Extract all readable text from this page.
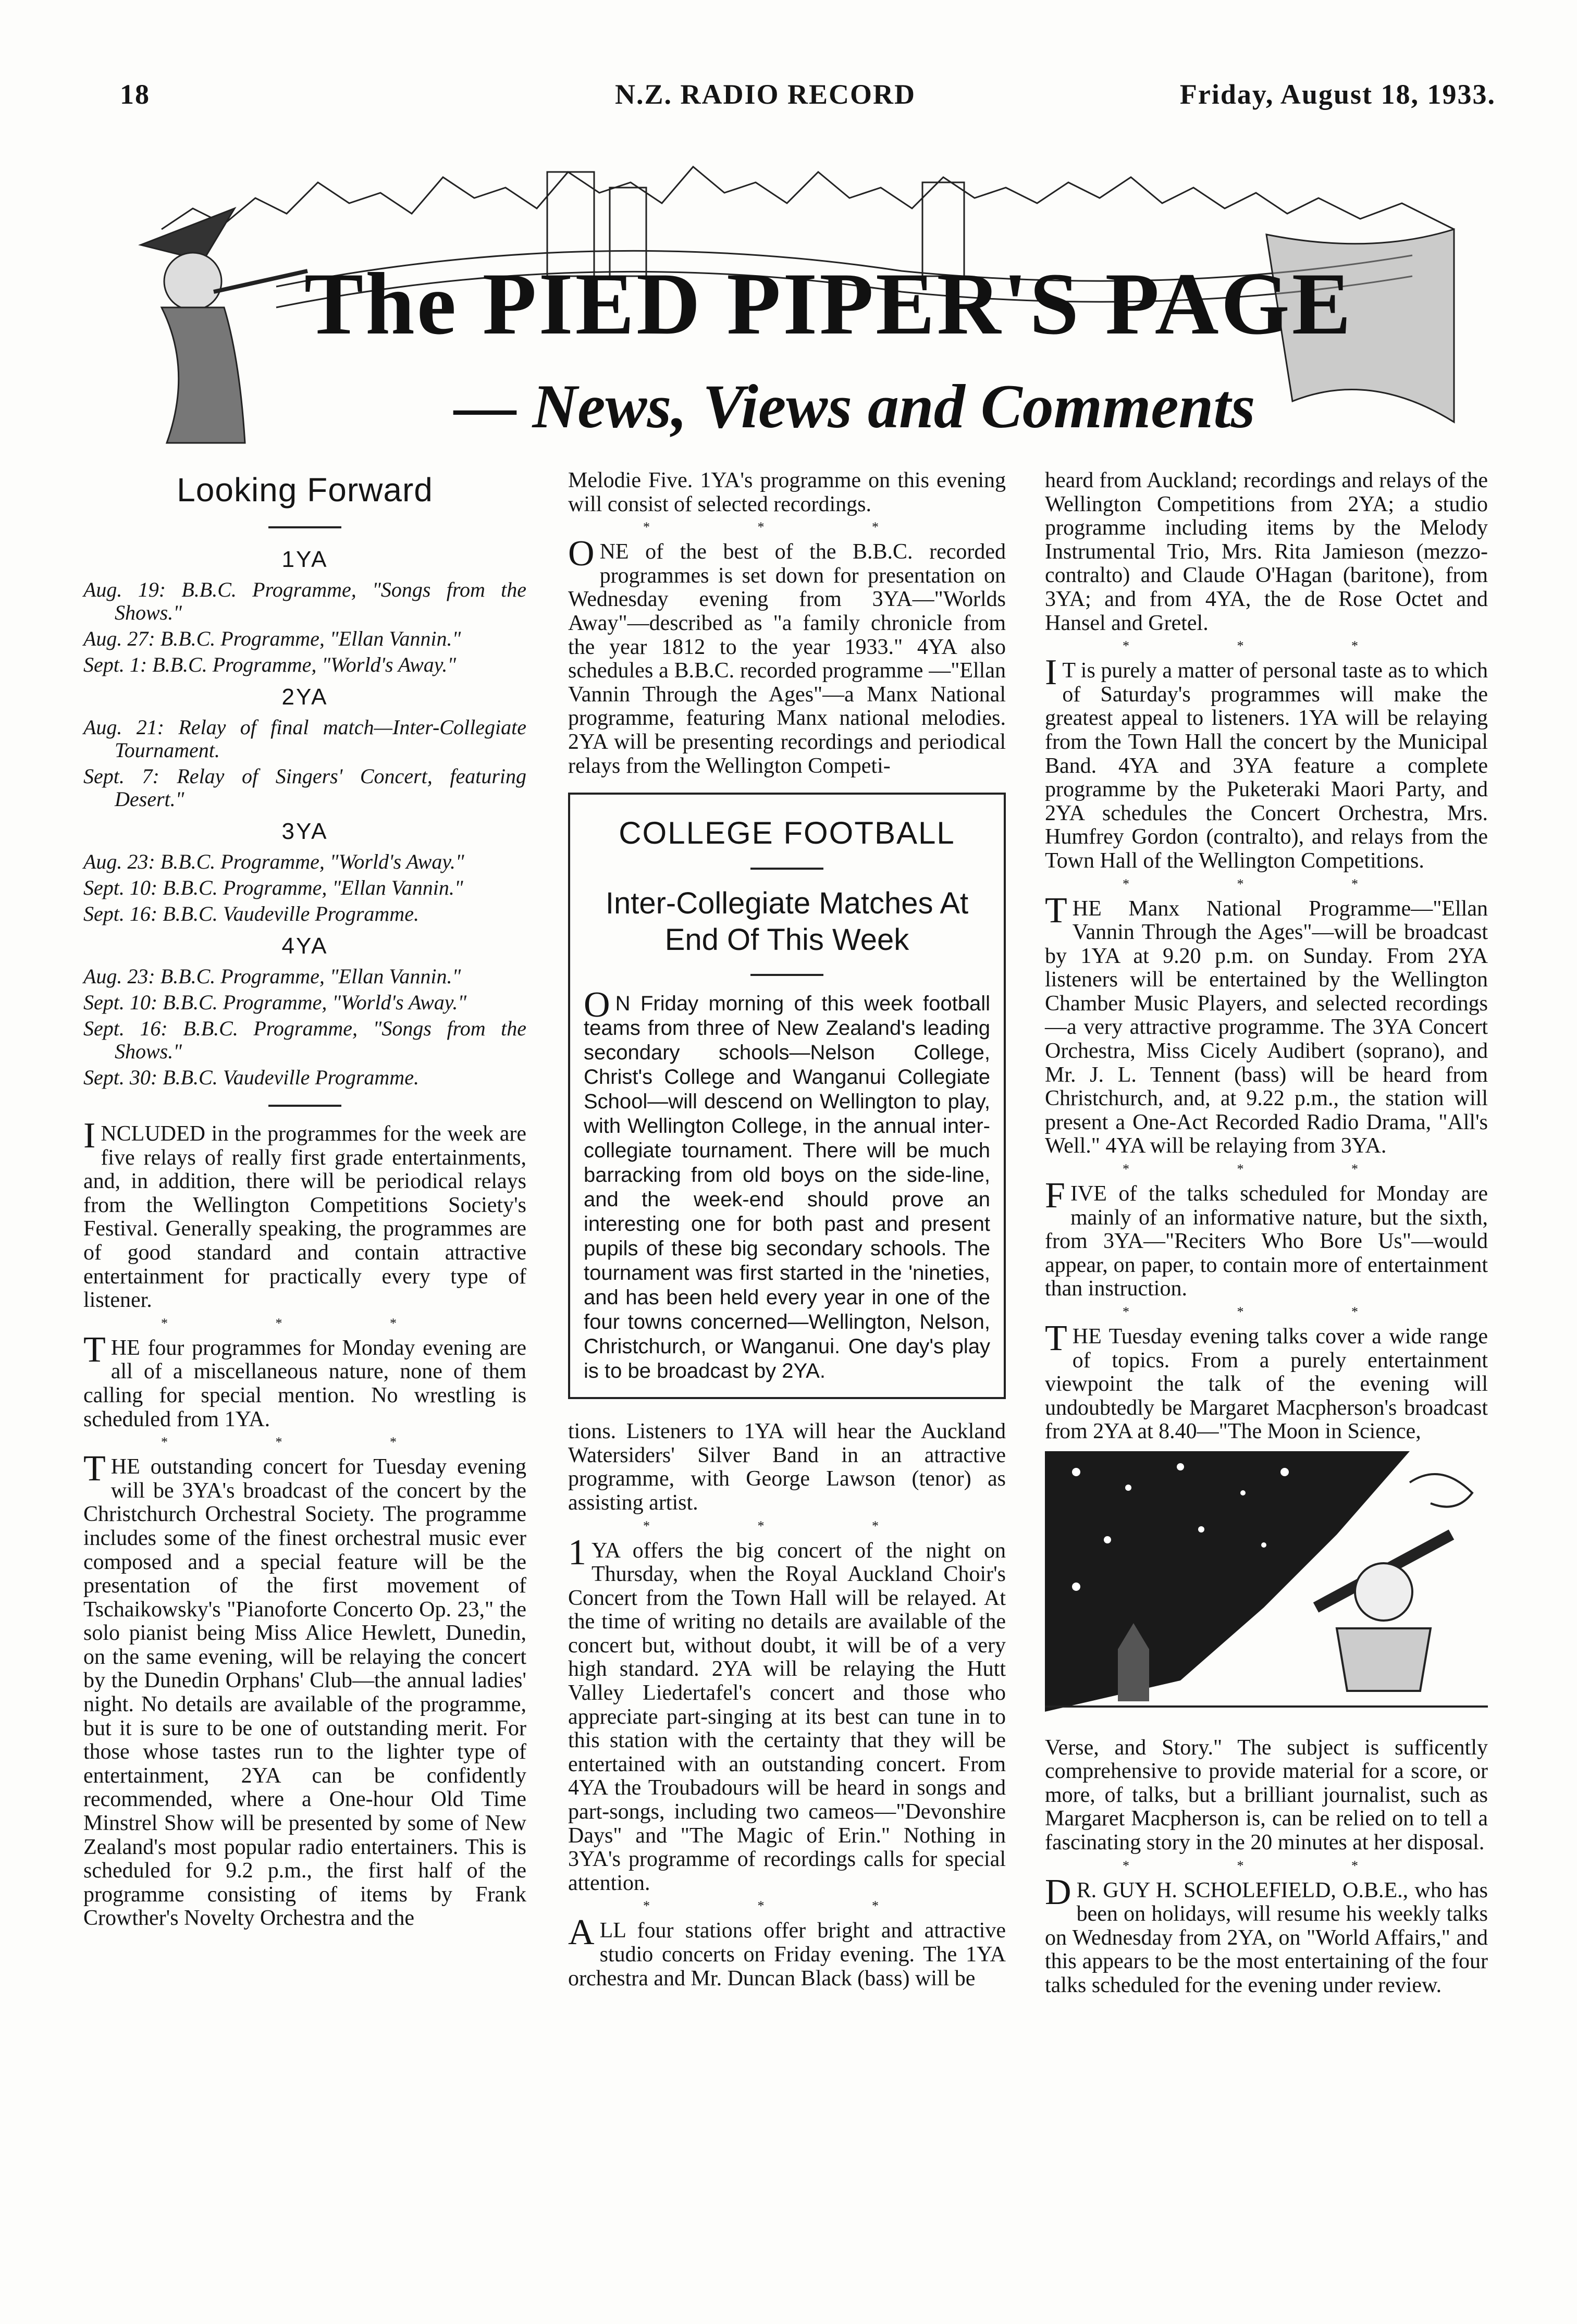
18	N.Z. RADIO RECORD	Friday, August 18, 1933.
The PIED PIPER'S PAGE
— News, Views and Comments
Looking Forward
1YA
Aug. 19: B.B.C. Programme, "Songs from the Shows."
Aug. 27: B.B.C. Programme, "Ellan Vannin."
Sept. 1: B.B.C. Programme, "World's Away."
2YA
Aug. 21: Relay of final match—Inter-Collegiate Tournament.
Sept. 7: Relay of Singers' Concert, featuring Desert."
3YA
Aug. 23: B.B.C. Programme, "World's Away."
Sept. 10: B.B.C. Programme, "Ellan Vannin."
Sept. 16: B.B.C. Vaudeville Programme.
4YA
Aug. 23: B.B.C. Programme, "Ellan Vannin."
Sept. 10: B.B.C. Programme, "World's Away."
Sept. 16: B.B.C. Programme, "Songs from the Shows."
Sept. 30: B.B.C. Vaudeville Programme.

INCLUDED in the programmes for the week are five relays of really first grade entertainments, and, in addition, there will be periodical relays from the Wellington Competitions Society's Festival. Generally speaking, the programmes are of good standard and contain attractive entertainment for practically every type of listener.

* * *

THE four programmes for Monday evening are all of a miscellaneous nature, none of them calling for special mention. No wrestling is scheduled from 1YA.

* * *

THE outstanding concert for Tuesday evening will be 3YA's broadcast of the concert by the Christchurch Orchestral Society. The programme includes some of the finest orchestral music ever composed and a special feature will be the presentation of the first movement of Tschaikowsky's "Pianoforte Concerto Op. 23," the solo pianist being Miss Alice Hewlett, Dunedin, on the same evening, will be relaying the concert by the Dunedin Orphans' Club—the annual ladies' night. No details are available of the programme, but it is sure to be one of outstanding merit. For those whose tastes run to the lighter type of entertainment, 2YA can be confidently recommended, where a One-hour Old Time Minstrel Show will be presented by some of New Zealand's most popular radio entertainers. This is scheduled for 9.2 p.m., the first half of the programme consisting of items by Frank Crowther's Novelty Orchestra and the

Melodie Five. 1YA's programme on this evening will consist of selected recordings.

* * *

ONE of the best of the B.B.C. recorded programmes is set down for presentation on Wednesday evening from 3YA—"Worlds Away"—described as "a family chronicle from the year 1812 to the year 1933." 4YA also schedules a B.B.C. recorded programme —"Ellan Vannin Through the Ages"—a Manx National programme, featuring Manx national melodies. 2YA will be presenting recordings and periodical relays from the Wellington Competi-

COLLEGE FOOTBALL
Inter-Collegiate Matches At End Of This Week

O N Friday morning of this week football teams from three of New Zealand's leading secondary schools—Nelson College, Christ's College and Wanganui Collegiate School—will descend on Wellington to play, with Wellington College, in the annual inter-collegiate tournament. There will be much barracking from old boys on the side-line, and the week-end should prove an interesting one for both past and present pupils of these big secondary schools. The tournament was first started in the 'nineties, and has been held every year in one of the four towns concerned—Wellington, Nelson, Christchurch, or Wanganui. One day's play is to be broadcast by 2YA.

tions. Listeners to 1YA will hear the Auckland Watersiders' Silver Band in an attractive programme, with George Lawson (tenor) as assisting artist.

* * *

1 YA offers the big concert of the night on Thursday, when the Royal Auckland Choir's Concert from the Town Hall will be relayed. At the time of writing no details are available of the concert but, without doubt, it will be of a very high standard. 2YA will be relaying the Hutt Valley Liedertafel's concert and those who appreciate part-singing at its best can tune in to this station with the certainty that they will be entertained with an outstanding concert. From 4YA the Troubadours will be heard in songs and part-songs, including two cameos—"Devonshire Days" and "The Magic of Erin." Nothing in 3YA's programme of recordings calls for special attention.

* * *

ALL four stations offer bright and attractive studio concerts on Friday evening. The 1YA orchestra and Mr. Duncan Black (bass) will be

heard from Auckland; recordings and relays of the Wellington Competitions from 2YA; a studio programme including items by the Melody Instrumental Trio, Mrs. Rita Jamieson (mezzo-contralto) and Claude O'Hagan (baritone), from 3YA; and from 4YA, the de Rose Octet and Hansel and Gretel.

* * *

I T is purely a matter of personal taste as to which of Saturday's programmes will make the greatest appeal to listeners. 1YA will be relaying from the Town Hall the concert by the Municipal Band. 4YA and 3YA feature a complete programme by the Puketeraki Maori Party, and 2YA schedules the Concert Orchestra, Mrs. Humfrey Gordon (contralto), and relays from the Town Hall of the Wellington Competitions.

* * *

THE Manx National Programme—"Ellan Vannin Through the Ages"—will be broadcast by 1YA at 9.20 p.m. on Sunday. From 2YA listeners will be entertained by the Wellington Chamber Music Players, and selected recordings—a very attractive programme. The 3YA Concert Orchestra, Miss Cicely Audibert (soprano), and Mr. J. L. Tennent (bass) will be heard from Christchurch, and, at 9.22 p.m., the station will present a One-Act Recorded Radio Drama, "All's Well." 4YA will be relaying from 3YA.

* * *

FIVE of the talks scheduled for Monday are mainly of an informative nature, but the sixth, from 3YA—"Reciters Who Bore Us"—would appear, on paper, to contain more of entertainment than instruction.

* * *

THE Tuesday evening talks cover a wide range of topics. From a purely entertainment viewpoint the talk of the evening will undoubtedly be Margaret Macpherson's broadcast from 2YA at 8.40—"The Moon in Science,

Verse, and Story." The subject is sufficently comprehensive to provide material for a score, or more, of talks, but a brilliant journalist, such as Margaret Macpherson is, can be relied on to tell a fascinating story in the 20 minutes at her disposal.

* * *

D R. GUY H. SCHOLEFIELD, O.B.E., who has been on holidays, will resume his weekly talks on Wednesday from 2YA, on "World Affairs," and this appears to be the most entertaining of the four talks scheduled for the evening under review.
